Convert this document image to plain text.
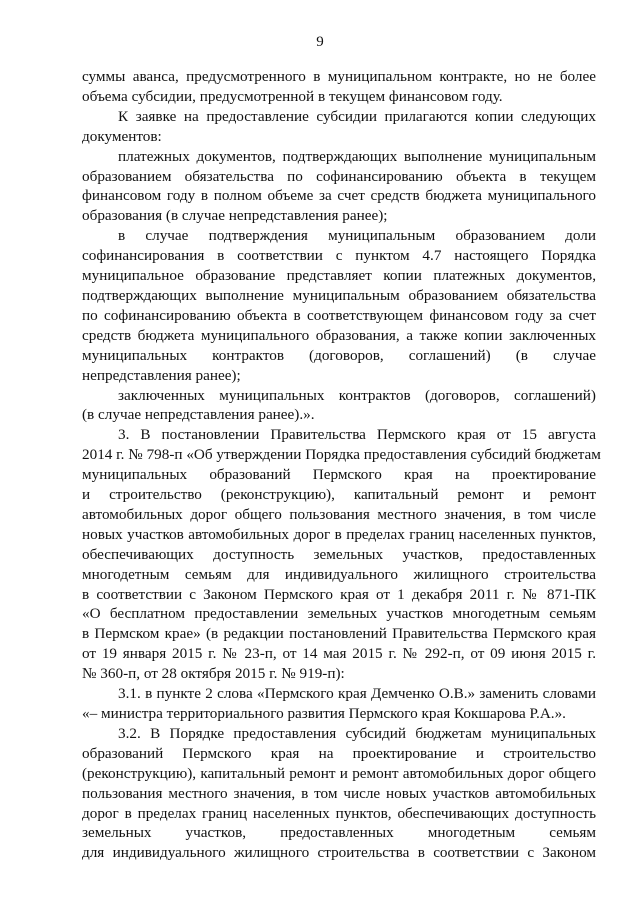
9
суммы аванса, предусмотренного в муниципальном контракте, но не более
объема субсидии, предусмотренной в текущем финансовом году.
К заявке на предоставление субсидии прилагаются копии следующих
документов:
платежных документов, подтверждающих выполнение муниципальным
образованием обязательства по софинансированию объекта в текущем
финансовом году в полном объеме за счет средств бюджета муниципального
образования (в случае непредставления ранее);
в случае подтверждения муниципальным образованием доли
софинансирования в соответствии с пунктом 4.7 настоящего Порядка
муниципальное образование представляет копии платежных документов,
подтверждающих выполнение муниципальным образованием обязательства
по софинансированию объекта в соответствующем финансовом году за счет
средств бюджета муниципального образования, а также копии заключенных
муниципальных контрактов (договоров, соглашений) (в случае
непредставления ранее);
заключенных муниципальных контрактов (договоров, соглашений)
(в случае непредставления ранее).».
3. В постановлении Правительства Пермского края от 15 августа
2014 г. № 798-п «Об утверждении Порядка предоставления субсидий бюджетам
муниципальных образований Пермского края на проектирование
и строительство (реконструкцию), капитальный ремонт и ремонт
автомобильных дорог общего пользования местного значения, в том числе
новых участков автомобильных дорог в пределах границ населенных пунктов,
обеспечивающих доступность земельных участков, предоставленных
многодетным семьям для индивидуального жилищного строительства
в соответствии с Законом Пермского края от 1 декабря 2011 г. № 871-ПК
«О бесплатном предоставлении земельных участков многодетным семьям
в Пермском крае» (в редакции постановлений Правительства Пермского края
от 19 января 2015 г. № 23-п, от 14 мая 2015 г. № 292-п, от 09 июня 2015 г.
№ 360-п, от 28 октября 2015 г. № 919-п):
3.1. в пункте 2 слова «Пермского края Демченко О.В.» заменить словами
«– министра территориального развития Пермского края Кокшарова Р.А.».
3.2. В Порядке предоставления субсидий бюджетам муниципальных
образований Пермского края на проектирование и строительство
(реконструкцию), капитальный ремонт и ремонт автомобильных дорог общего
пользования местного значения, в том числе новых участков автомобильных
дорог в пределах границ населенных пунктов, обеспечивающих доступность
земельных участков, предоставленных многодетным семьям
для индивидуального жилищного строительства в соответствии с Законом
